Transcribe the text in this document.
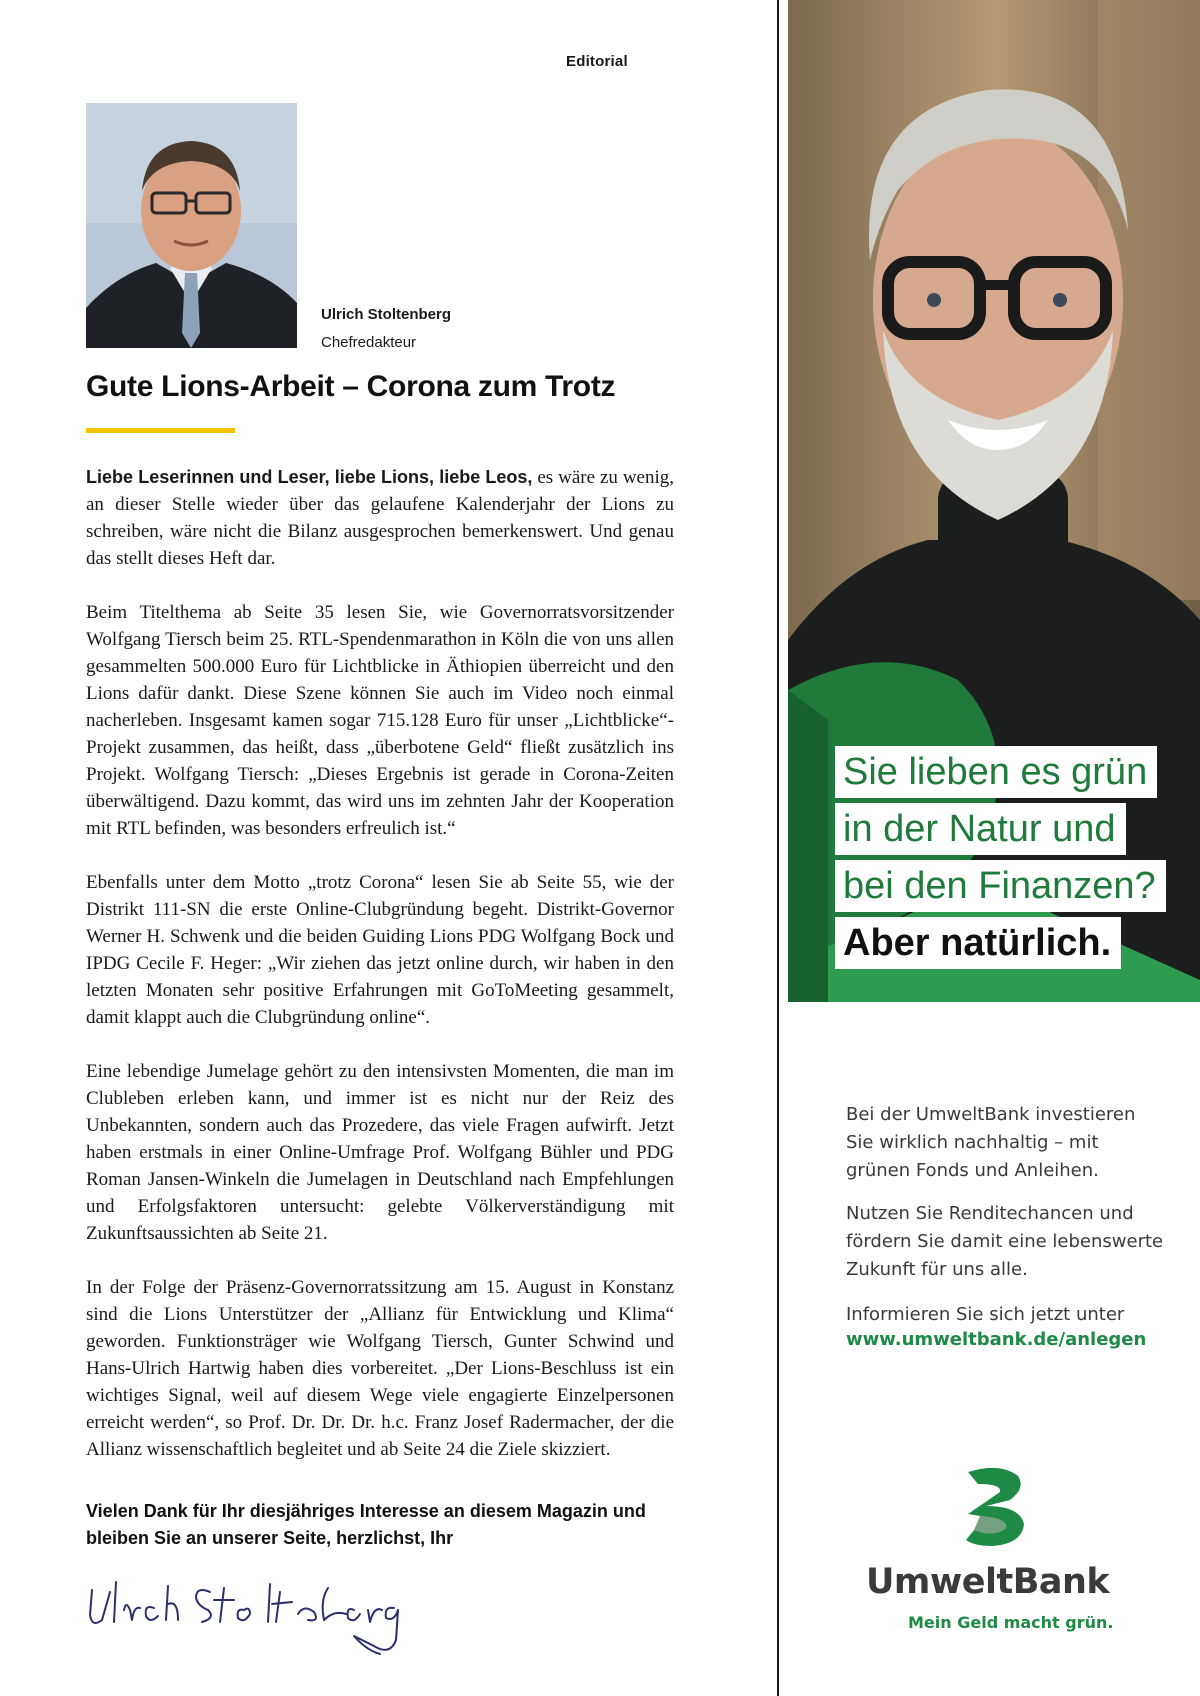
Editorial
Ulrich Stoltenberg
Chefredakteur
Gute Lions-Arbeit – Corona zum Trotz

Liebe Leserinnen und Leser, liebe Lions, liebe Leos, es wäre zu wenig, an dieser Stelle wieder über das gelaufene Kalenderjahr der Lions zu schreiben, wäre nicht die Bilanz ausgesprochen bemerkenswert. Und genau das stellt dieses Heft dar.

Beim Titelthema ab Seite 35 lesen Sie, wie Governorratsvorsitzender Wolfgang Tiersch beim 25. RTL-Spendenmarathon in Köln die von uns allen gesammelten 500.000 Euro für Lichtblicke in Äthiopien überreicht und den Lions dafür dankt. Diese Szene können Sie auch im Video noch einmal nacherleben. Insgesamt kamen sogar 715.128 Euro für unser „Lichtblicke“-Projekt zusammen, das heißt, dass „überbotene Geld“ fließt zusätzlich ins Projekt. Wolfgang Tiersch: „Dieses Ergebnis ist gerade in Corona-Zeiten überwältigend. Dazu kommt, das wird uns im zehnten Jahr der Kooperation mit RTL befinden, was besonders erfreulich ist.“

Ebenfalls unter dem Motto „trotz Corona“ lesen Sie ab Seite 55, wie der Distrikt 111-SN die erste Online-Clubgründung begeht. Distrikt-Governor Werner H. Schwenk und die beiden Guiding Lions PDG Wolfgang Bock und IPDG Cecile F. Heger: „Wir ziehen das jetzt online durch, wir haben in den letzten Monaten sehr positive Erfahrungen mit GoToMeeting gesammelt, damit klappt auch die Clubgründung online“.

Eine lebendige Jumelage gehört zu den intensivsten Momenten, die man im Clubleben erleben kann, und immer ist es nicht nur der Reiz des Unbekannten, sondern auch das Prozedere, das viele Fragen aufwirft. Jetzt haben erstmals in einer Online-Umfrage Prof. Wolfgang Bühler und PDG Roman Jansen-Winkeln die Jumelagen in Deutschland nach Empfehlungen und Erfolgsfaktoren untersucht: gelebte Völkerverständigung mit Zukunftsaussichten ab Seite 21.

In der Folge der Präsenz-Governorratssitzung am 15. August in Konstanz sind die Lions Unterstützer der „Allianz für Entwicklung und Klima“ geworden. Funktionsträger wie Wolfgang Tiersch, Gunter Schwind und Hans-Ulrich Hartwig haben dies vorbereitet. „Der Lions-Beschluss ist ein wichtiges Signal, weil auf diesem Wege viele engagierte Einzelpersonen erreicht werden“, so Prof. Dr. Dr. Dr. h.c. Franz Josef Radermacher, der die Allianz wissenschaftlich begleitet und ab Seite 24 die Ziele skizziert.

Vielen Dank für Ihr diesjähriges Interesse an diesem Magazin und bleiben Sie an unserer Seite, herzlichst, Ihr

Sie lieben es grün
in der Natur und
bei den Finanzen?
Aber natürlich.

Bei der UmweltBank investieren Sie wirklich nachhaltig – mit grünen Fonds und Anleihen.

Nutzen Sie Renditechancen und fördern Sie damit eine lebenswerte Zukunft für uns alle.

Informieren Sie sich jetzt unter

www.umweltbank.de/anlegen
UmweltBank
Mein Geld macht grün.
